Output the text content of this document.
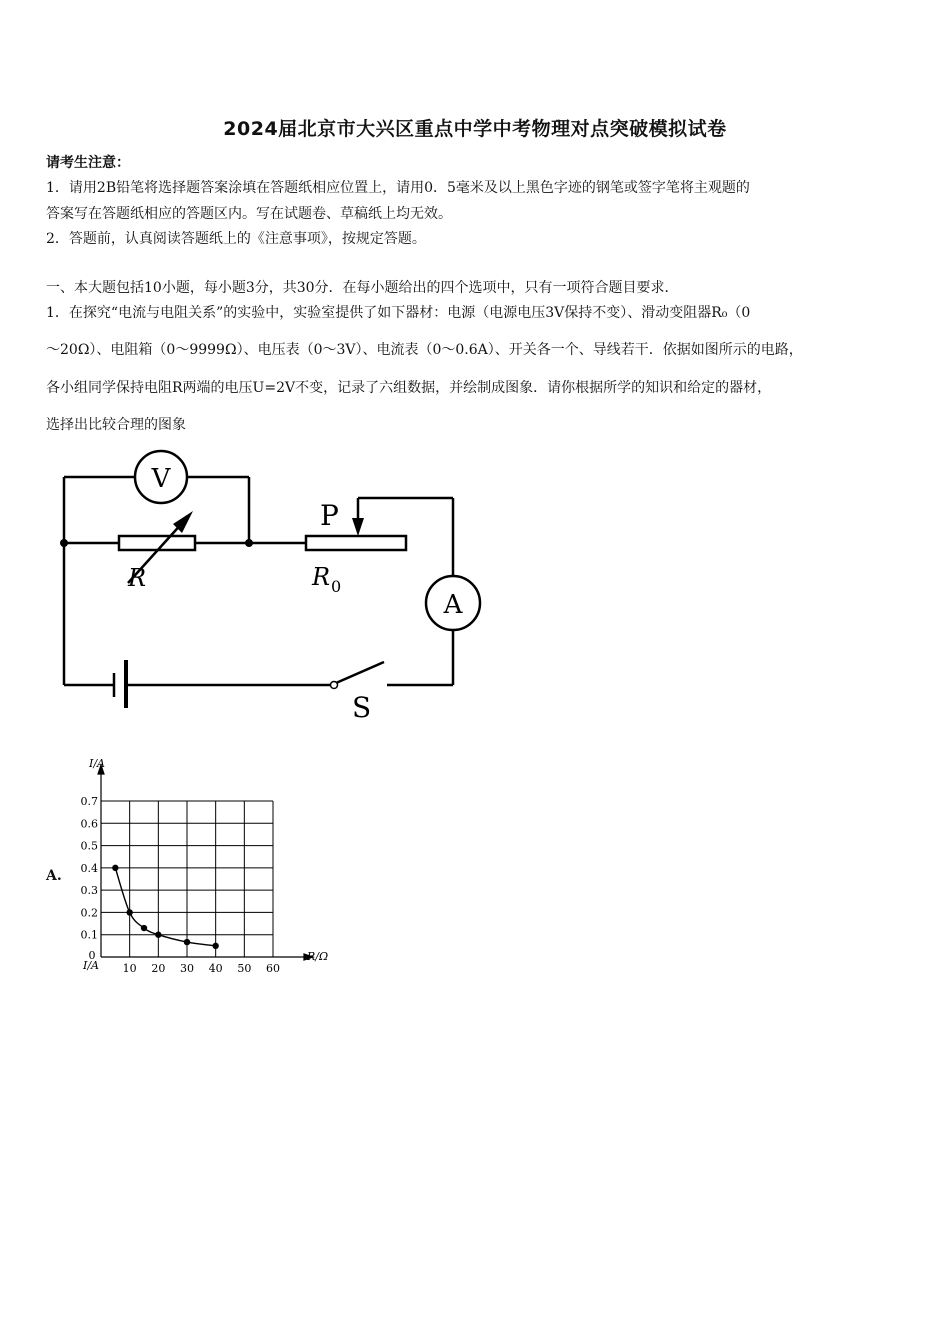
2024届北京市大兴区重点中学中考物理对点突破模拟试卷
请考生注意：
1．请用2B铅笔将选择题答案涂填在答题纸相应位置上，请用0．5毫米及以上黑色字迹的钢笔或签字笔将主观题的
答案写在答题纸相应的答题区内。写在试题卷、草稿纸上均无效。
2．答题前，认真阅读答题纸上的《注意事项》，按规定答题。
一、本大题包括10小题，每小题3分，共30分．在每小题给出的四个选项中，只有一项符合题目要求．
1．在探究“电流与电阻关系”的实验中，实验室提供了如下器材：电源（电源电压3V保持不变）、滑动变阻器R₀（0
～20Ω）、电阻箱（0～9999Ω）、电压表（0～3V）、电流表（0～0.6A）、开关各一个、导线若干．依据如图所示的电路，
各小组同学保持电阻R两端的电压U=2V不变，记录了六组数据，并绘制成图象．请你根据所学的知识和给定的器材，
选择出比较合理的图象
V
R
P
R 0
A
S
A.
0.7
0.6
0.5
0.4
0.3
0.2
0.1
10 20 30 40 50 60
0
I/A
R/Ω
I/A
